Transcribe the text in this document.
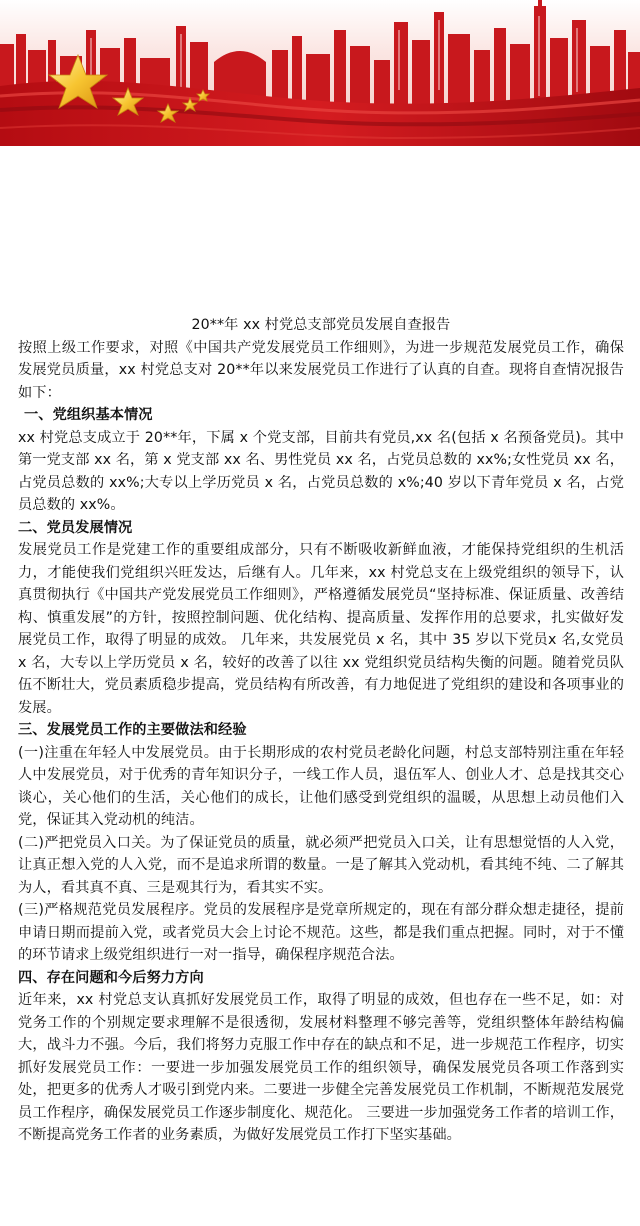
20**年 xx 村党总支部党员发展自查报告

按照上级工作要求，对照《中国共产党发展党员工作细则》，为进一步规范发展党员工作，确保发展党员质量，xx 村党总支对 20**年以来发展党员工作进行了认真的自查。现将自查情况报告如下：

一、党组织基本情况

xx 村党总支成立于 20**年，下属 x 个党支部，目前共有党员,xx 名(包括 x 名预备党员)。其中第一党支部 xx 名，第 x 党支部 xx 名、男性党员 xx 名，占党员总数的 xx%;女性党员 xx 名，占党员总数的 xx%;大专以上学历党员 x 名，占党员总数的 x%;40 岁以下青年党员 x 名，占党员总数的 xx%。

二、党员发展情况

发展党员工作是党建工作的重要组成部分，只有不断吸收新鲜血液，才能保持党组织的生机活力，才能使我们党组织兴旺发达，后继有人。几年来，xx 村党总支在上级党组织的领导下，认真贯彻执行《中国共产党发展党员工作细则》，严格遵循发展党员“坚持标准、保证质量、改善结构、慎重发展”的方针，按照控制问题、优化结构、提高质量、发挥作用的总要求，扎实做好发展党员工作，取得了明显的成效。 几年来，共发展党员 x 名，其中 35 岁以下党员x 名,女党员 x 名，大专以上学历党员 x 名，较好的改善了以往 xx 党组织党员结构失衡的问题。随着党员队伍不断壮大，党员素质稳步提高，党员结构有所改善，有力地促进了党组织的建设和各项事业的发展。

三、发展党员工作的主要做法和经验

(一)注重在年轻人中发展党员。由于长期形成的农村党员老龄化问题，村总支部特别注重在年轻人中发展党员，对于优秀的青年知识分子，一线工作人员，退伍军人、创业人才、总是找其交心谈心，关心他们的生活，关心他们的成长，让他们感受到党组织的温暖，从思想上动员他们入党，保证其入党动机的纯洁。

(二)严把党员入口关。为了保证党员的质量，就必须严把党员入口关，让有思想觉悟的人入党，让真正想入党的人入党，而不是追求所谓的数量。一是了解其入党动机，看其纯不纯、二了解其为人，看其真不真、三是观其行为，看其实不实。

(三)严格规范党员发展程序。党员的发展程序是党章所规定的，现在有部分群众想走捷径，提前申请日期而提前入党，或者党员大会上讨论不规范。这些，都是我们重点把握。同时，对于不懂的环节请求上级党组织进行一对一指导，确保程序规范合法。

四、存在问题和今后努力方向

近年来，xx 村党总支认真抓好发展党员工作，取得了明显的成效，但也存在一些不足，如：对党务工作的个别规定要求理解不是很透彻，发展材料整理不够完善等，党组织整体年龄结构偏大，战斗力不强。今后，我们将努力克服工作中存在的缺点和不足，进一步规范工作程序，切实抓好发展党员工作：一要进一步加强发展党员工作的组织领导，确保发展党员各项工作落到实处，把更多的优秀人才吸引到党内来。二要进一步健全完善发展党员工作机制，不断规范发展党员工作程序，确保发展党员工作逐步制度化、规范化。 三要进一步加强党务工作者的培训工作，不断提高党务工作者的业务素质，为做好发展党员工作打下坚实基础。
